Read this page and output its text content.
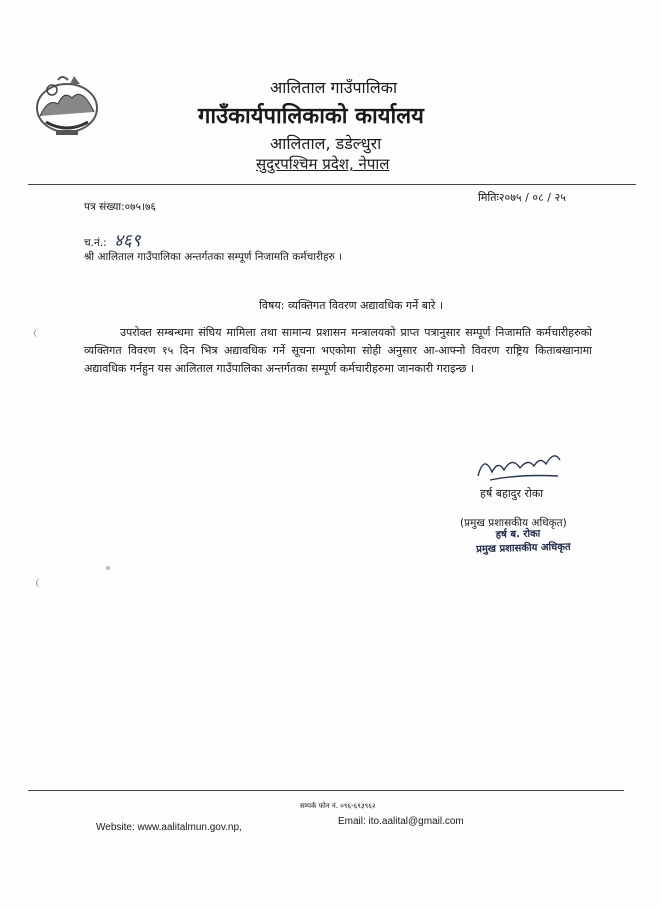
आलिताल गाउँपालिका
गाउँकार्यपालिकाको कार्यालय
आलिताल, डडेल्धुरा
सुदुरपश्चिम प्रदेश, नेपाल
पत्र संख्या:०७५।७६
मितिः२०७५ / ०८ / २५
च.नं.: ४६९
श्री आलिताल गाउँपालिका अन्तर्गतका सम्पूर्ण निजामति कर्मचारीहरु ।
विषय: व्यक्तिगत विवरण अद्यावधिक गर्ने बारे ।
उपरोक्त सम्बन्धमा संघिय मामिला तथा सामान्य प्रशासन मन्त्रालयको प्राप्त पत्रानुसार सम्पूर्ण निजामति कर्मचारीहरुको व्यक्तिगत विवरण १५ दिन भित्र अद्यावधिक गर्ने सूचना भएकोमा सोही अनुसार आ-आफ्नो विवरण राष्ट्रिय किताबखानामा अद्यावधिक गर्नहुन यस आलिताल गाउँपालिका अन्तर्गतका सम्पूर्ण कर्मचारीहरुमा जानकारी गराइन्छ ।
हर्ष बहादुर रोका
(प्रमुख प्रशासकीय अधिकृत)
हर्ष ब. रोका
प्रमुख प्रशासकीय अधिकृत
सम्पर्क फोन नं. ०९६-६९३९६२
Email: ito.aalital@gmail.com
Website: www.aalitalmun.gov.np,
